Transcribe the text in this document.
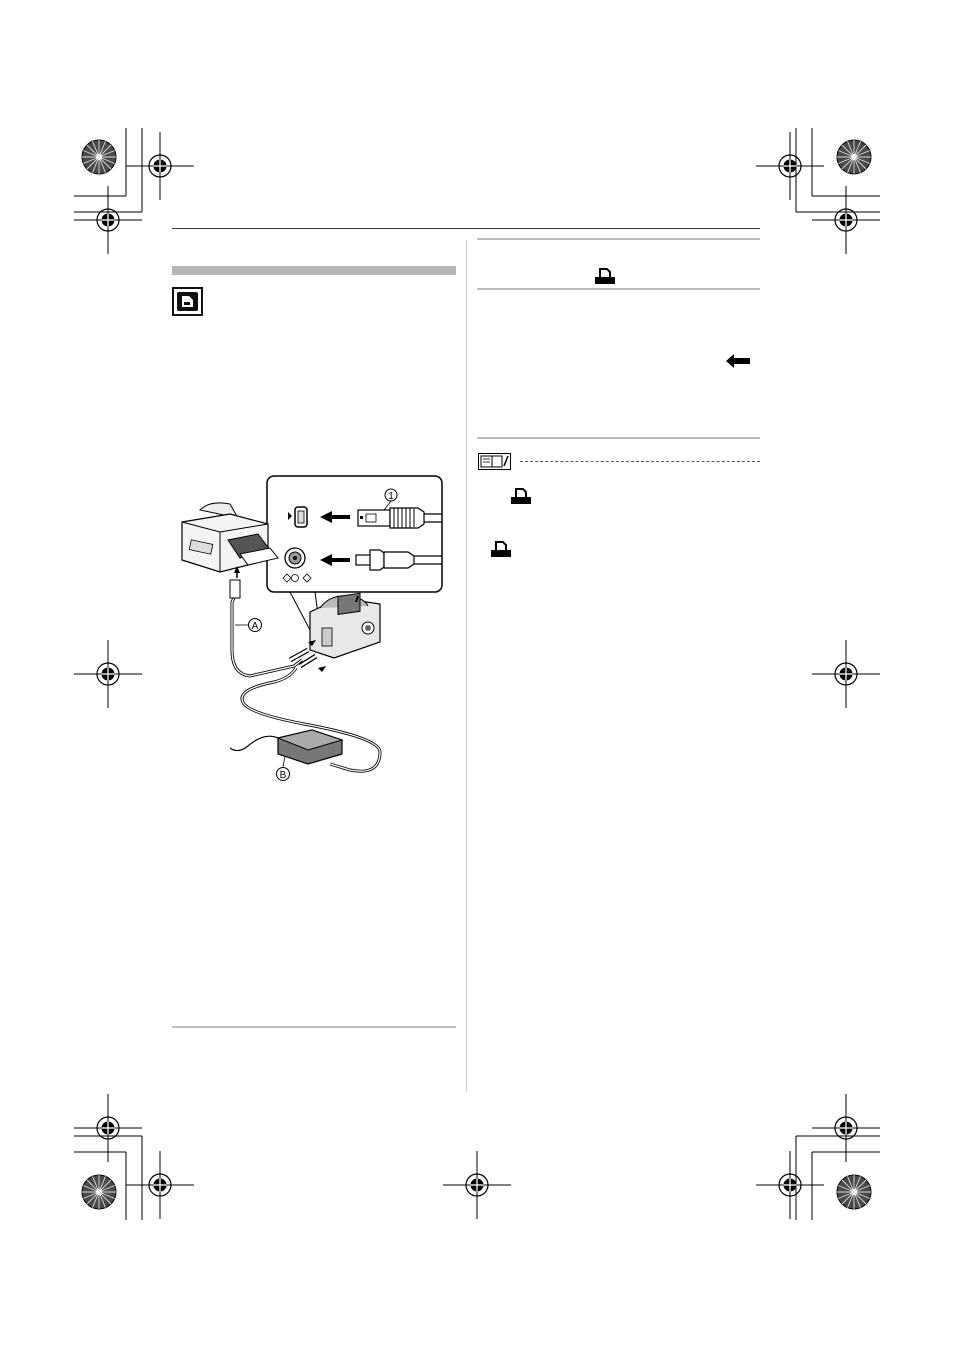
1
A
B
